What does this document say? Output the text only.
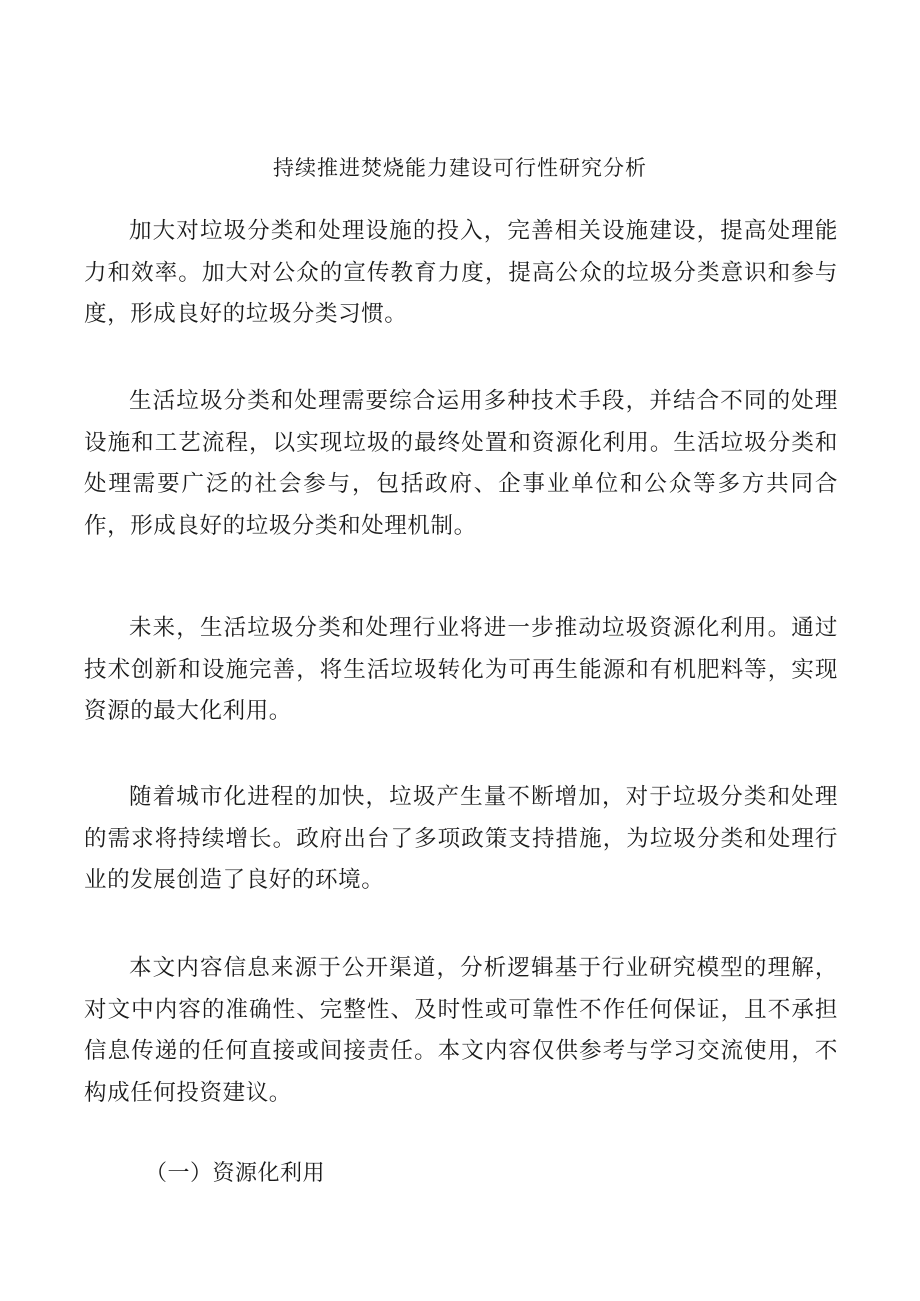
持续推进焚烧能力建设可行性研究分析

加大对垃圾分类和处理设施的投入，完善相关设施建设，提高处理能力和效率。加大对公众的宣传教育力度，提高公众的垃圾分类意识和参与度，形成良好的垃圾分类习惯。

生活垃圾分类和处理需要综合运用多种技术手段，并结合不同的处理设施和工艺流程，以实现垃圾的最终处置和资源化利用。生活垃圾分类和处理需要广泛的社会参与，包括政府、企事业单位和公众等多方共同合作，形成良好的垃圾分类和处理机制。

未来，生活垃圾分类和处理行业将进一步推动垃圾资源化利用。通过技术创新和设施完善，将生活垃圾转化为可再生能源和有机肥料等，实现资源的最大化利用。

随着城市化进程的加快，垃圾产生量不断增加，对于垃圾分类和处理的需求将持续增长。政府出台了多项政策支持措施，为垃圾分类和处理行业的发展创造了良好的环境。

本文内容信息来源于公开渠道，分析逻辑基于行业研究模型的理解，对文中内容的准确性、完整性、及时性或可靠性不作任何保证，且不承担信息传递的任何直接或间接责任。本文内容仅供参考与学习交流使用，不构成任何投资建议。

（一）资源化利用
